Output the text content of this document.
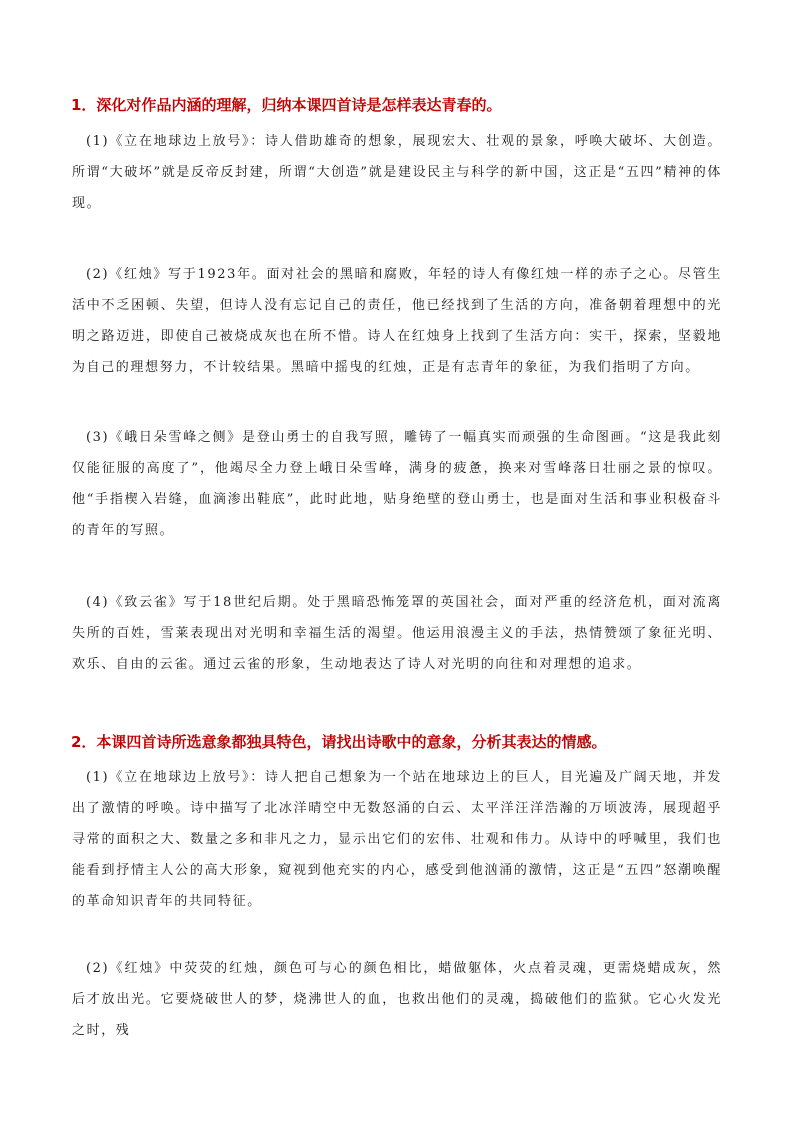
1．深化对作品内涵的理解，归纳本课四首诗是怎样表达青春的。
(1)《立在地球边上放号》：诗人借助雄奇的想象，展现宏大、壮观的景象，呼唤大破坏、大创造。所谓“大破坏”就是反帝反封建，所谓“大创造”就是建设民主与科学的新中国，这正是“五四”精神的体现。
(2)《红烛》写于1923年。面对社会的黑暗和腐败，年轻的诗人有像红烛一样的赤子之心。尽管生活中不乏困顿、失望，但诗人没有忘记自己的责任，他已经找到了生活的方向，准备朝着理想中的光明之路迈进，即使自己被烧成灰也在所不惜。诗人在红烛身上找到了生活方向：实干，探索，坚毅地为自己的理想努力，不计较结果。黑暗中摇曳的红烛，正是有志青年的象征，为我们指明了方向。
(3)《峨日朵雪峰之侧》是登山勇士的自我写照，雕铸了一幅真实而顽强的生命图画。“这是我此刻仅能征服的高度了”，他竭尽全力登上峨日朵雪峰，满身的疲惫，换来对雪峰落日壮丽之景的惊叹。他“手指楔入岩缝，血滴渗出鞋底”，此时此地，贴身绝壁的登山勇士，也是面对生活和事业积极奋斗的青年的写照。
(4)《致云雀》写于18世纪后期。处于黑暗恐怖笼罩的英国社会，面对严重的经济危机，面对流离失所的百姓，雪莱表现出对光明和幸福生活的渴望。他运用浪漫主义的手法，热情赞颂了象征光明、欢乐、自由的云雀。通过云雀的形象，生动地表达了诗人对光明的向往和对理想的追求。
2．本课四首诗所选意象都独具特色，请找出诗歌中的意象，分析其表达的情感。
(1)《立在地球边上放号》：诗人把自己想象为一个站在地球边上的巨人，目光遍及广阔天地，并发出了激情的呼唤。诗中描写了北冰洋晴空中无数怒涌的白云、太平洋汪洋浩瀚的万顷波涛，展现超乎寻常的面积之大、数量之多和非凡之力，显示出它们的宏伟、壮观和伟力。从诗中的呼喊里，我们也能看到抒情主人公的高大形象，窥视到他充实的内心，感受到他汹涌的激情，这正是“五四”怒潮唤醒的革命知识青年的共同特征。
(2)《红烛》中荧荧的红烛，颜色可与心的颜色相比，蜡做躯体，火点着灵魂，更需烧蜡成灰，然后才放出光。它要烧破世人的梦，烧沸世人的血，也救出他们的灵魂，捣破他们的监狱。它心火发光之时，残
